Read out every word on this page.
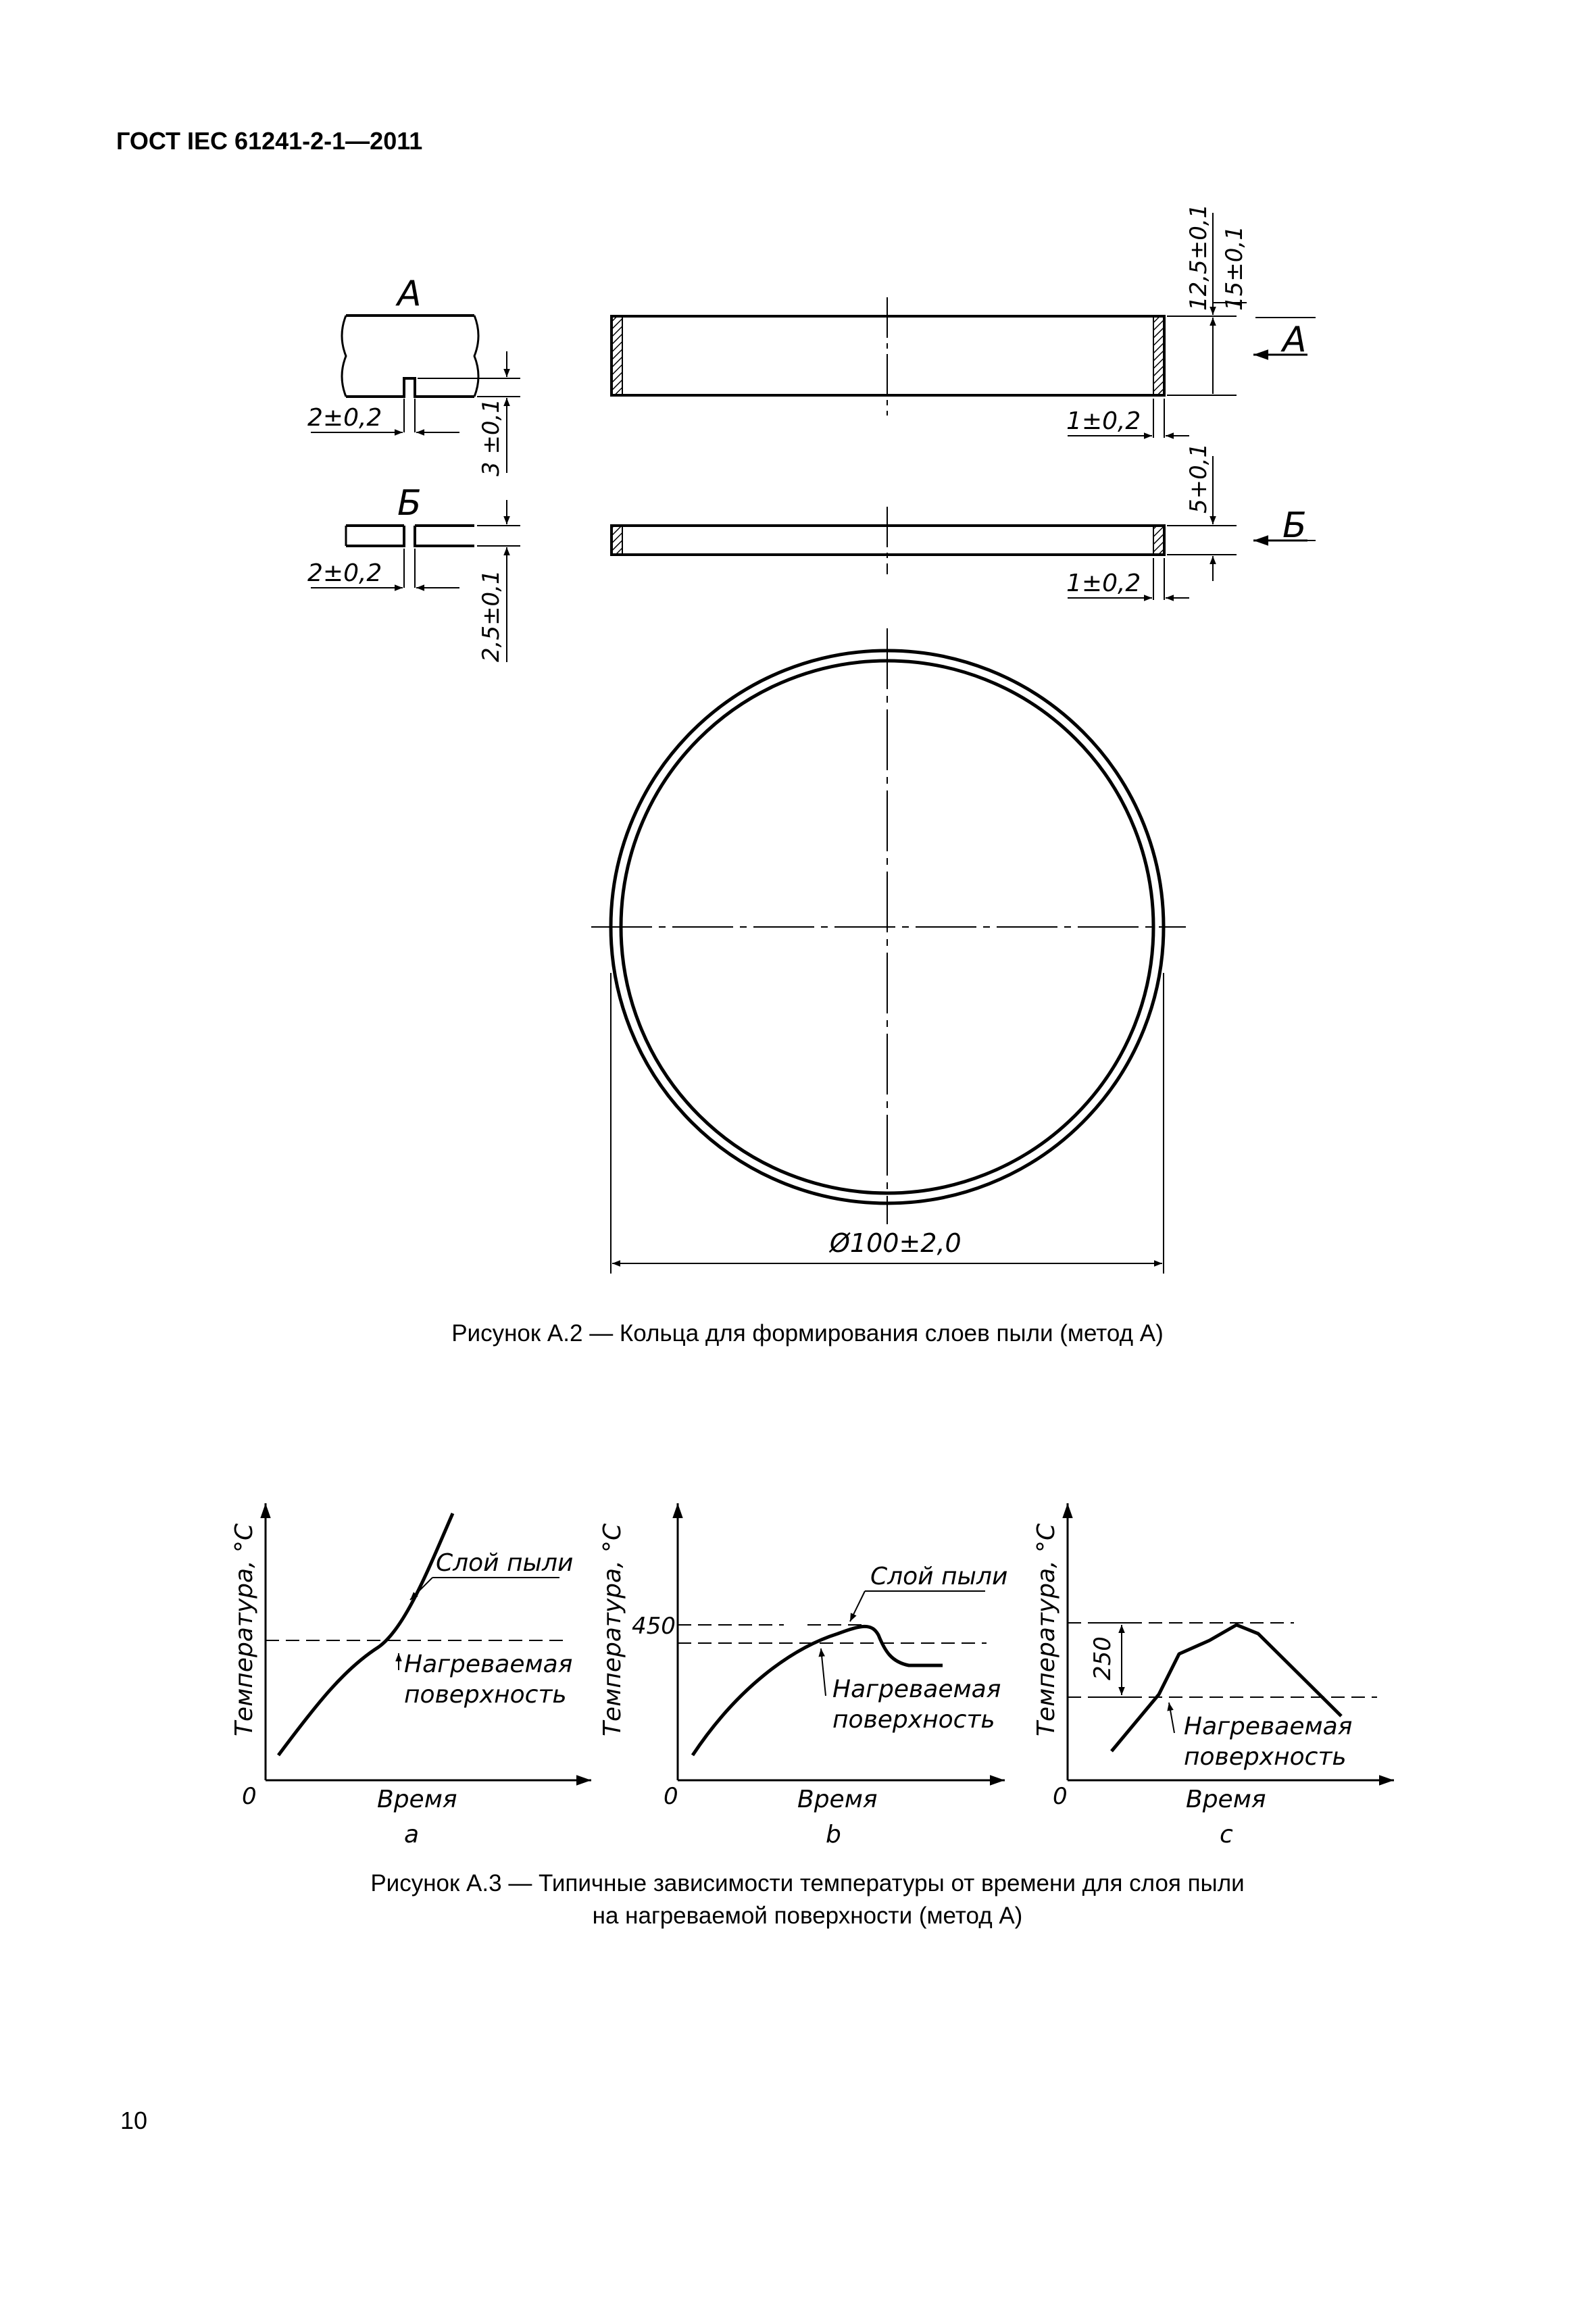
ГОСТ IEC 61241-2-1—2011
А
Б
А
Б
2±0,2
2±0,2
1±0,2
1±0,2
Ø100±2,0
3 ±0,1
2,5±0,1
12,5±0,1 15±0,1
5+0,1
Температура, °C
0	Время
a
Слой пыли
Нагреваемая
поверхность Температура, °C 450
0	Время
b
Слой пыли
Нагреваемая
поверхность Температура, °C 250
0	Время
c
Нагреваемая
поверхность
Рисунок А.2 — Кольца для формирования слоев пыли (метод А)
Рисунок А.3 — Типичные зависимости температуры от времени для слоя пыли
на нагреваемой поверхности (метод А)
10
